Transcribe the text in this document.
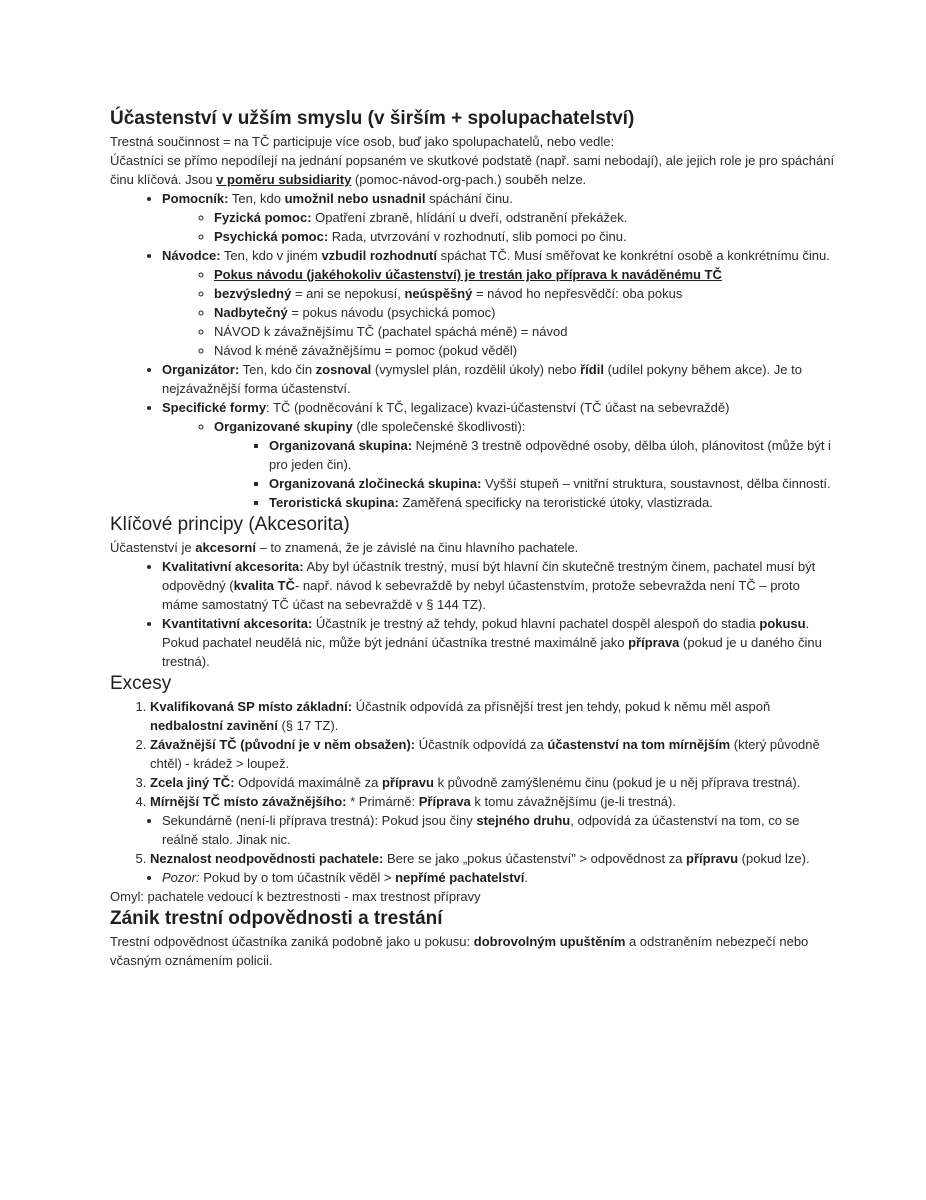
Účastenství v užším smyslu (v širším + spolupachatelství)

Trestná součinnost = na TČ participuje více osob, buď jako spolupachatelů, nebo vedle:

Účastníci se přímo nepodílejí na jednání popsaném ve skutkové podstatě (např. sami nebodají), ale jejich role je pro spáchání činu klíčová. Jsou v poměru subsidiarity (pomoc-návod-org-pach.) souběh nelze.

• Pomocník: Ten, kdo umožnil nebo usnadnil spáchání činu.
◦ Fyzická pomoc: Opatření zbraně, hlídání u dveří, odstranění překážek.
◦ Psychická pomoc: Rada, utvrzování v rozhodnutí, slib pomoci po činu.
• Návodce: Ten, kdo v jiném vzbudil rozhodnutí spáchat TČ. Musí směřovat ke konkrétní osobě a konkrétnímu činu.
◦ Pokus návodu (jakéhokoliv účastenství) je trestán jako příprava k naváděnému TČ
◦ bezvýsledný = ani se nepokusí, neúspěšný = návod ho nepřesvědčí: oba pokus
◦ Nadbytečný = pokus návodu (psychická pomoc)
◦ NÁVOD k závažnějšímu TČ (pachatel spáchá méně) = návod
◦ Návod k méně závažnějšímu = pomoc (pokud věděl)
• Organizátor: Ten, kdo čin zosnoval (vymyslel plán, rozdělil úkoly) nebo řídil (udílel pokyny během akce). Je to nejzávažnější forma účastenství.
• Specifické formy: TČ (podněcování k TČ, legalizace) kvazi-účastenství (TČ účast na sebevraždě)
◦ Organizované skupiny (dle společenské škodlivosti):
▪ Organizovaná skupina: Nejméně 3 trestně odpovědné osoby, dělba úloh, plánovitost (může být i pro jeden čin).
▪ Organizovaná zločinecká skupina: Vyšší stupeň – vnitřní struktura, soustavnost, dělba činností.
▪ Teroristická skupina: Zaměřená specificky na teroristické útoky, vlastizrada.
Klíčové principy (Akcesorita)

Účastenství je akcesorní – to znamená, že je závislé na činu hlavního pachatele.

• Kvalitativní akcesorita: Aby byl účastník trestný, musí být hlavní čin skutečně trestným činem, pachatel musí být odpovědný (kvalita TČ- např. návod k sebevraždě by nebyl účastenstvím, protože sebevražda není TČ – proto máme samostatný TČ účast na sebevraždě v § 144 TZ).
• Kvantitativní akcesorita: Účastník je trestný až tehdy, pokud hlavní pachatel dospěl alespoň do stadia pokusu. Pokud pachatel neudělá nic, může být jednání účastníka trestné maximálně jako příprava (pokud je u daného činu trestná).
Excesy
1. Kvalifikovaná SP místo základní: Účastník odpovídá za přísnější trest jen tehdy, pokud k němu měl aspoň nedbalostní zavinění (§ 17 TZ).
2. Závažnější TČ (původní je v něm obsažen): Účastník odpovídá za účastenství na tom mírnějším (který původně chtěl) - krádež > loupež.
3. Zcela jiný TČ: Odpovídá maximálně za přípravu k původně zamýšlenému činu (pokud je u něj příprava trestná).
4. Mírnější TČ místo závažnějšího: * Primárně: Příprava k tomu závažnějšímu (je-li trestná).
• Sekundárně (není-li příprava trestná): Pokud jsou činy stejného druhu, odpovídá za účastenství na tom, co se reálně stalo. Jinak nic.
5. Neznalost neodpovědnosti pachatele: Bere se jako „pokus účastenství" > odpovědnost za přípravu (pokud lze).
• Pozor: Pokud by o tom účastník věděl > nepřímé pachatelství.

Omyl: pachatele vedoucí k beztrestnosti - max trestnost přípravy

Zánik trestní odpovědnosti a trestání

Trestní odpovědnost účastníka zaniká podobně jako u pokusu: dobrovolným upuštěním a odstraněním nebezpečí nebo včasným oznámením policii.
